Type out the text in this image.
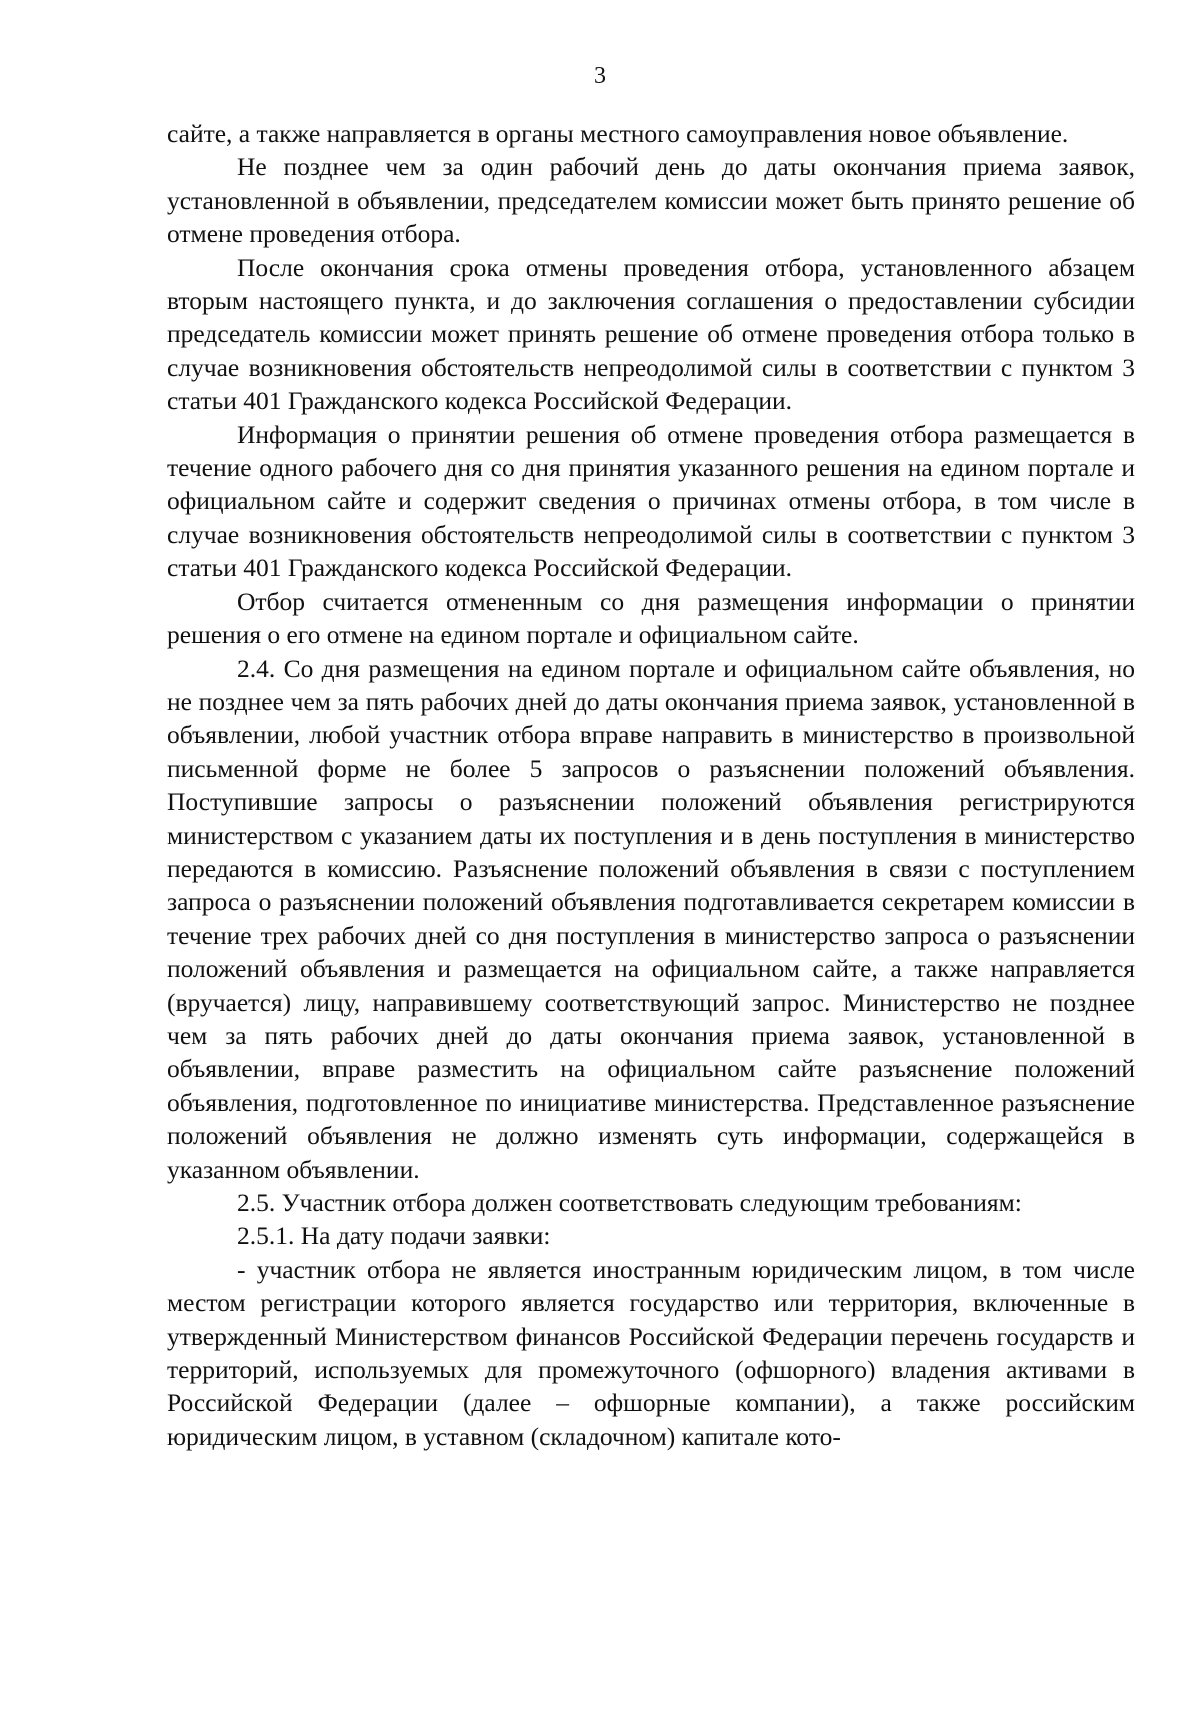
3

сайте, а также направляется в органы местного самоуправления новое объявление.

Не позднее чем за один рабочий день до даты окончания приема заявок, установленной в объявлении, председателем комиссии может быть принято решение об отмене проведения отбора.

После окончания срока отмены проведения отбора, установленного абзацем вторым настоящего пункта, и до заключения соглашения о предоставлении субсидии председатель комиссии может принять решение об отмене проведения отбора только в случае возникновения обстоятельств непреодолимой силы в соответствии с пунктом 3 статьи 401 Гражданского кодекса Российской Федерации.

Информация о принятии решения об отмене проведения отбора размещается в течение одного рабочего дня со дня принятия указанного решения на едином портале и официальном сайте и содержит сведения о причинах отмены отбора, в том числе в случае возникновения обстоятельств непреодолимой силы в соответствии с пунктом 3 статьи 401 Гражданского кодекса Российской Федерации.

Отбор считается отмененным со дня размещения информации о принятии решения о его отмене на едином портале и официальном сайте.

2.4. Со дня размещения на едином портале и официальном сайте объявления, но не позднее чем за пять рабочих дней до даты окончания приема заявок, установленной в объявлении, любой участник отбора вправе направить в министерство в произвольной письменной форме не более 5 запросов о разъяснении положений объявления. Поступившие запросы о разъяснении положений объявления регистрируются министерством с указанием даты их поступления и в день поступления в министерство передаются в комиссию. Разъяснение положений объявления в связи с поступлением запроса о разъяснении положений объявления подготавливается секретарем комиссии в течение трех рабочих дней со дня поступления в министерство запроса о разъяснении положений объявления и размещается на официальном сайте, а также направляется (вручается) лицу, направившему соответствующий запрос. Министерство не позднее чем за пять рабочих дней до даты окончания приема заявок, установленной в объявлении, вправе разместить на официальном сайте разъяснение положений объявления, подготовленное по инициативе министерства. Представленное разъяснение положений объявления не должно изменять суть информации, содержащейся в указанном объявлении.

2.5. Участник отбора должен соответствовать следующим требованиям:

2.5.1. На дату подачи заявки:

- участник отбора не является иностранным юридическим лицом, в том числе местом регистрации которого является государство или территория, включенные в утвержденный Министерством финансов Российской Федерации перечень государств и территорий, используемых для промежуточного (офшорного) владения активами в Российской Федерации (далее – офшорные компании), а также российским юридическим лицом, в уставном (складочном) капитале кото-
